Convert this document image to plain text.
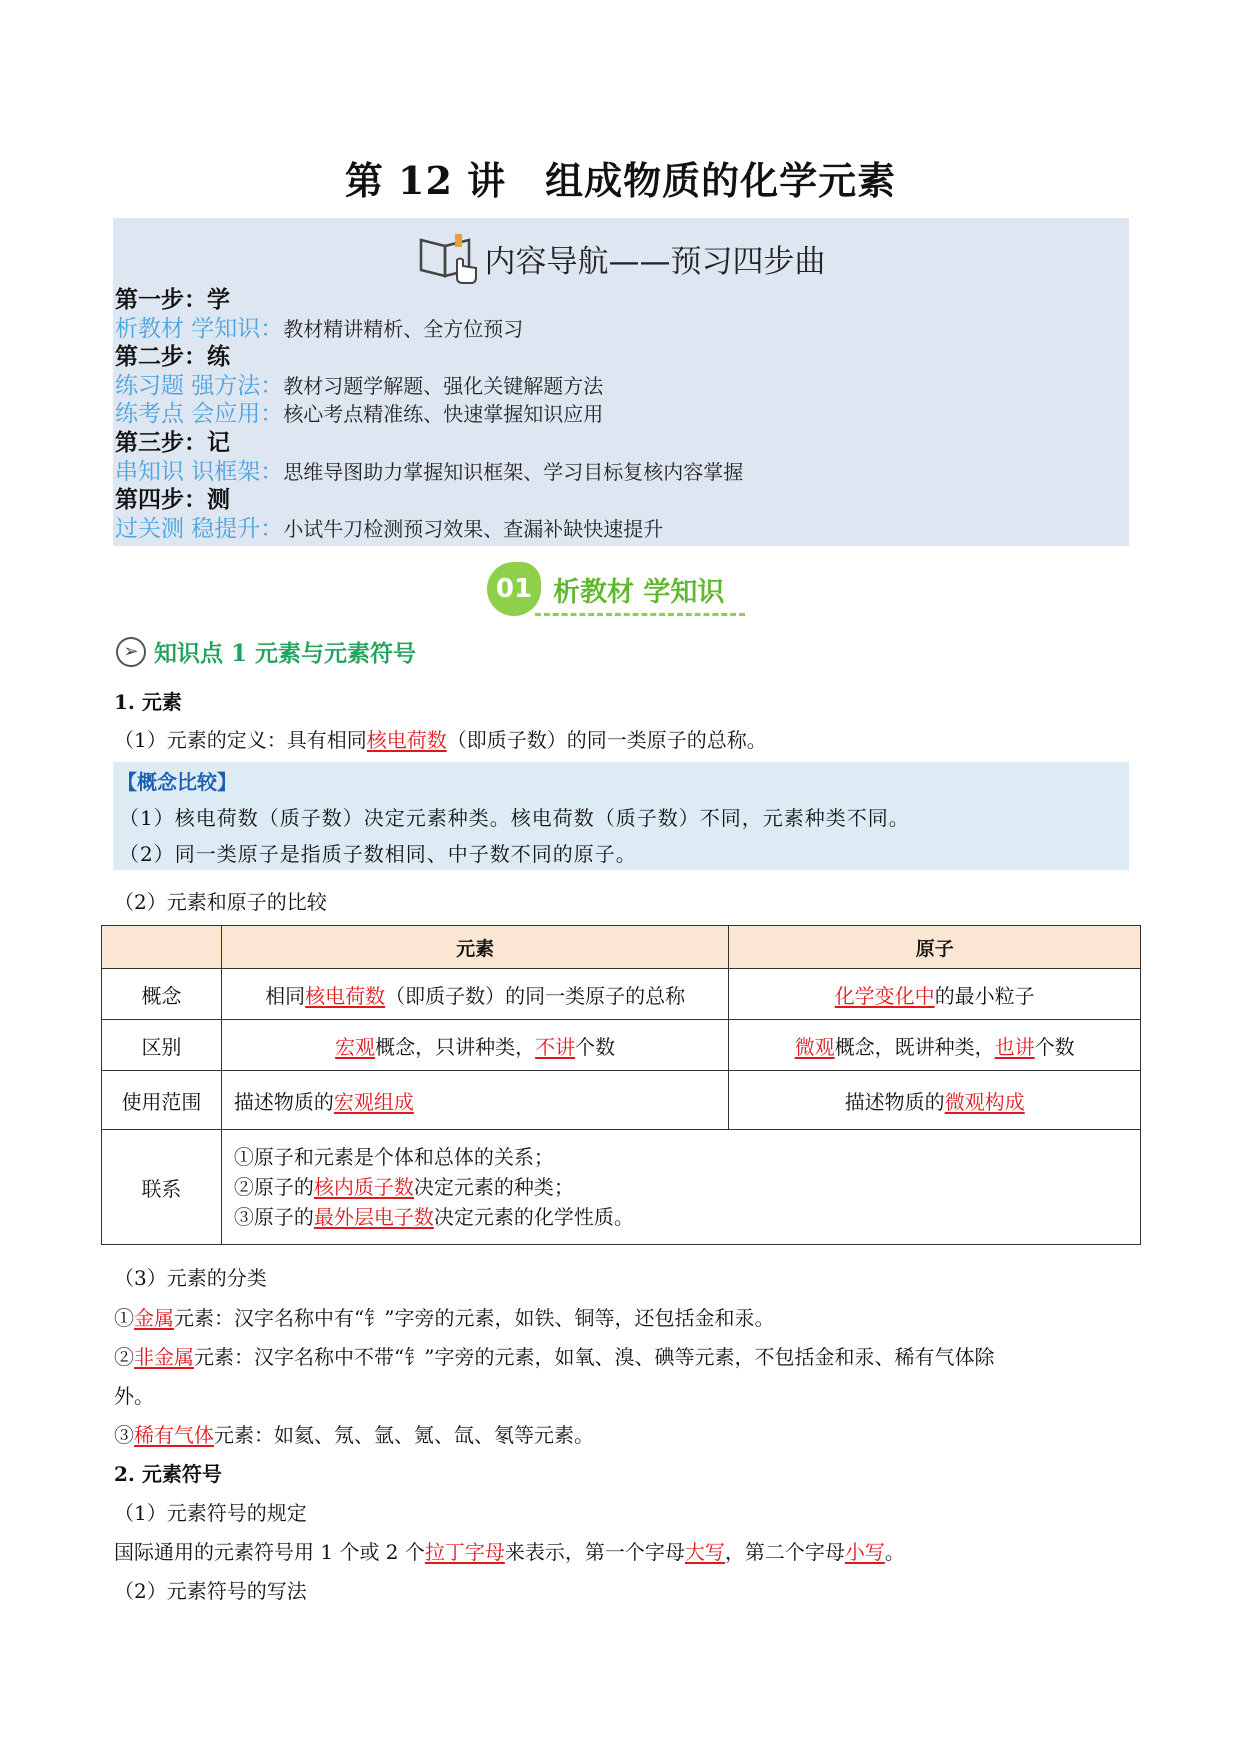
第 12 讲　组成物质的化学元素
内容导航——预习四步曲
第一步：学
析教材 学知识：教材精讲精析、全方位预习
第二步：练
练习题 强方法：教材习题学解题、强化关键解题方法
练考点 会应用：核心考点精准练、快速掌握知识应用
第三步：记
串知识 识框架：思维导图助力掌握知识框架、学习目标复核内容掌握
第四步：测
过关测 稳提升：小试牛刀检测预习效果、查漏补缺快速提升
01 析教材 学知识
➢ 知识点 1 元素与元素符号
1. 元素
（1）元素的定义：具有相同核电荷数（即质子数）的同一类原子的总称。
【概念比较】
（1）核电荷数（质子数）决定元素种类。核电荷数（质子数）不同，元素种类不同。
（2）同一类原子是指质子数相同、中子数不同的原子。
（2）元素和原子的比较
	元素	原子
概念	相同核电荷数（即质子数）的同一类原子的总称	化学变化中的最小粒子
区别	宏观概念，只讲种类，不讲个数	微观概念，既讲种类，也讲个数
使用范围	描述物质的宏观组成	描述物质的微观构成
联系	①原子和元素是个体和总体的关系；
②原子的核内质子数决定元素的种类；
③原子的最外层电子数决定元素的化学性质。	
（3）元素的分类
①金属元素：汉字名称中有“钅”字旁的元素，如铁、铜等，还包括金和汞。
②非金属元素：汉字名称中不带“钅”字旁的元素，如氧、溴、碘等元素，不包括金和汞、稀有气体除
外。
③稀有气体元素：如氦、氖、氩、氪、氙、氡等元素。
2. 元素符号
（1）元素符号的规定
国际通用的元素符号用 1 个或 2 个拉丁字母来表示，第一个字母大写，第二个字母小写。
（2）元素符号的写法
